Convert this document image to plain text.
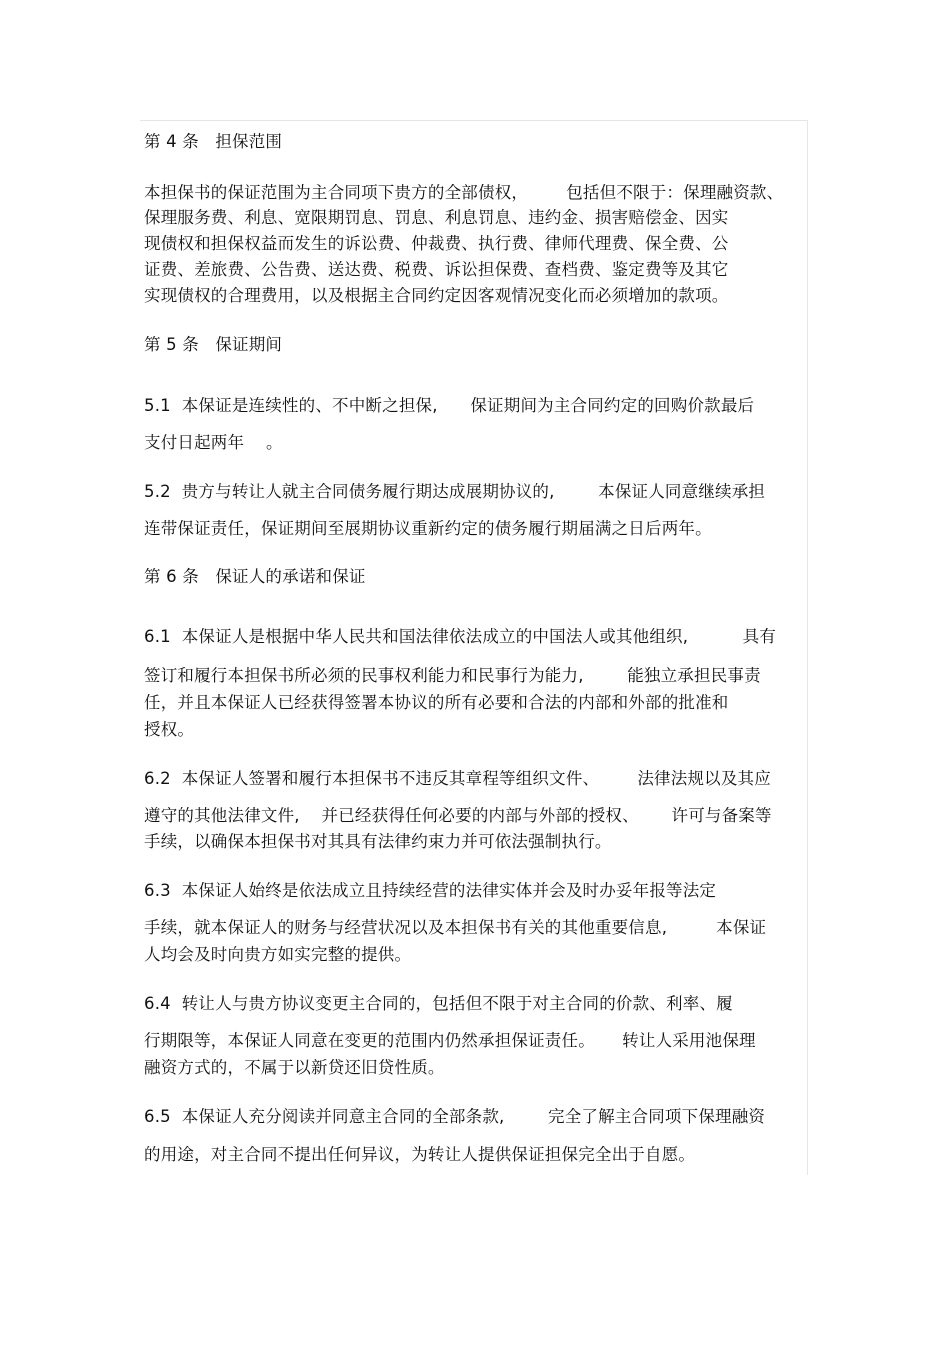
第 4 条   担保范围
本担保书的保证范围为主合同项下贵方的全部债权，       包括但不限于：保理融资款、
保理服务费、利息、宽限期罚息、罚息、利息罚息、违约金、损害赔偿金、因实
现债权和担保权益而发生的诉讼费、仲裁费、执行费、律师代理费、保全费、公
证费、差旅费、公告费、送达费、税费、诉讼担保费、查档费、鉴定费等及其它
实现债权的合理费用，以及根据主合同约定因客观情况变化而必须增加的款项。
第 5 条   保证期间
5.1  本保证是连续性的、不中断之担保,      保证期间为主合同约定的回购价款最后
支付日起两年    。
5.2  贵方与转让人就主合同债务履行期达成展期协议的,        本保证人同意继续承担
连带保证责任，保证期间至展期协议重新约定的债务履行期届满之日后两年。
第 6 条   保证人的承诺和保证
6.1  本保证人是根据中华人民共和国法律依法成立的中国法人或其他组织,          具有
签订和履行本担保书所必须的民事权利能力和民事行为能力,        能独立承担民事责
任，并且本保证人已经获得签署本协议的所有必要和合法的内部和外部的批准和
授权。
6.2  本保证人签署和履行本担保书不违反其章程等组织文件、       法律法规以及其应
遵守的其他法律文件,    并已经获得任何必要的内部与外部的授权、      许可与备案等
手续，以确保本担保书对其具有法律约束力并可依法强制执行。
6.3  本保证人始终是依法成立且持续经营的法律实体并会及时办妥年报等法定
手续，就本保证人的财务与经营状况以及本担保书有关的其他重要信息,         本保证
人均会及时向贵方如实完整的提供。
6.4  转让人与贵方协议变更主合同的，包括但不限于对主合同的价款、利率、履
行期限等，本保证人同意在变更的范围内仍然承担保证责任。     转让人采用池保理
融资方式的，不属于以新贷还旧贷性质。
6.5  本保证人充分阅读并同意主合同的全部条款,        完全了解主合同项下保理融资
的用途，对主合同不提出任何异议，为转让人提供保证担保完全出于自愿。
